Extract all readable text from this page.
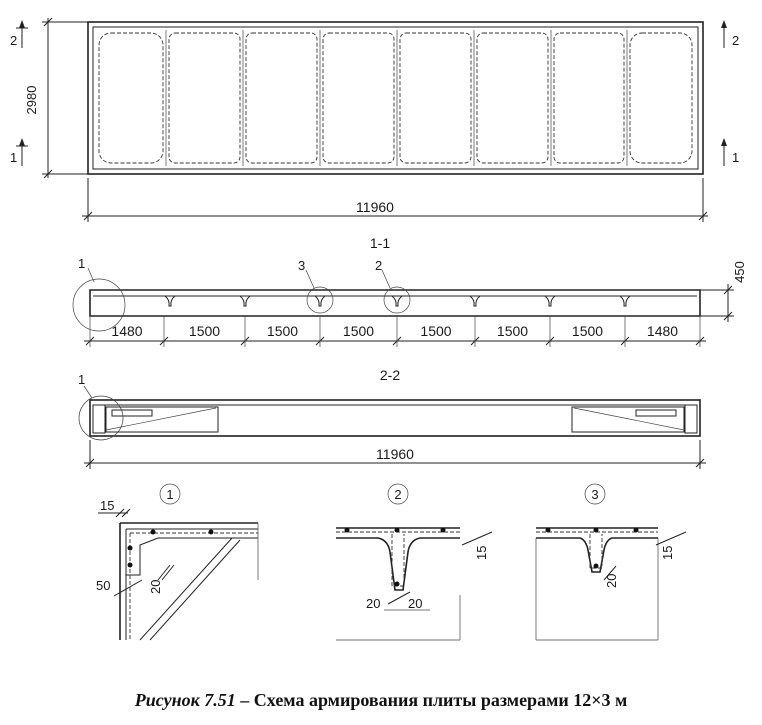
2980
2
1
2
1
11960
1-1
1	3	2	450
1480	1500	1500	1500	1500	1500	1500	1480
2-2
1
11960
1
15
50	20
2
15
20 20
3
15
20
Рисунок 7.51 – Схема армирования плиты размерами 12×3 м
